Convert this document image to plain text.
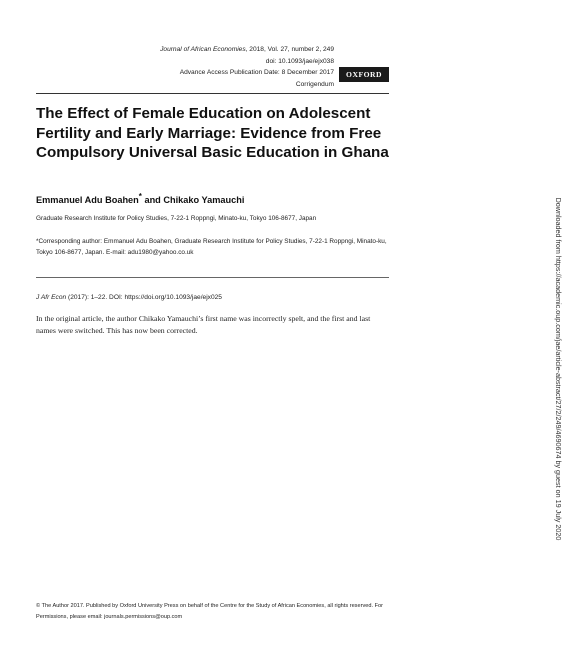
Journal of African Economies, 2018, Vol. 27, number 2, 249
doi: 10.1093/jae/ejx038
Advance Access Publication Date: 8 December 2017
Corrigendum
OXFORD
The Effect of Female Education on Adolescent Fertility and Early Marriage: Evidence from Free Compulsory Universal Basic Education in Ghana
Emmanuel Adu Boahen* and Chikako Yamauchi
Graduate Research Institute for Policy Studies, 7-22-1 Roppngi, Minato-ku, Tokyo 106-8677, Japan
*Corresponding author: Emmanuel Adu Boahen, Graduate Research Institute for Policy Studies, 7-22-1 Roppngi, Minato-ku, Tokyo 106-8677, Japan. E-mail: adu1980@yahoo.co.uk
J Afr Econ (2017): 1–22. DOI: https://doi.org/10.1093/jae/ejx025
In the original article, the author Chikako Yamauchi’s first name was incorrectly spelt, and the first and last names were switched. This has now been corrected.
© The Author 2017. Published by Oxford University Press on behalf of the Centre for the Study of African Economies, all rights reserved. For Permissions, please email: journals.permissions@oup.com
Downloaded from https://academic.oup.com/jae/article-abstract/27/2/249/4690674 by guest on 19 July 2020
